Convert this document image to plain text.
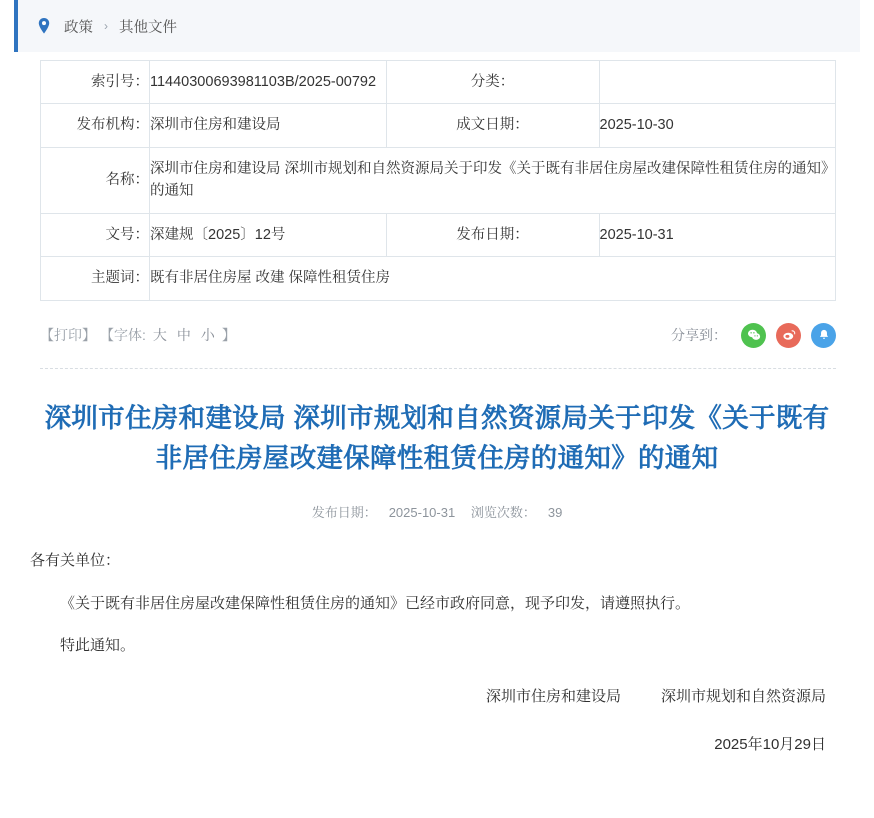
政策 › 其他文件
索引号：	11440300693981103B/2025-00792	分类：	
发布机构：	深圳市住房和建设局	成文日期：	2025-10-30
名称：	深圳市住房和建设局 深圳市规划和自然资源局关于印发《关于既有非居住房屋改建保障性租赁住房的通知》的通知		
文号：	深建规〔2025〕12号	发布日期：	2025-10-31
主题词：	既有非居住房屋 改建 保障性租赁住房		
【打印】 【字体: 大 中 小 】	分享到：
深圳市住房和建设局 深圳市规划和自然资源局关于印发《关于既有非居住房屋改建保障性租赁住房的通知》的通知
发布日期： 2025-10-31 浏览次数： 39

各有关单位：

《关于既有非居住房屋改建保障性租赁住房的通知》已经市政府同意，现予印发，请遵照执行。

特此通知。

深圳市住房和建设局	深圳市规划和自然资源局
2025年10月29日
